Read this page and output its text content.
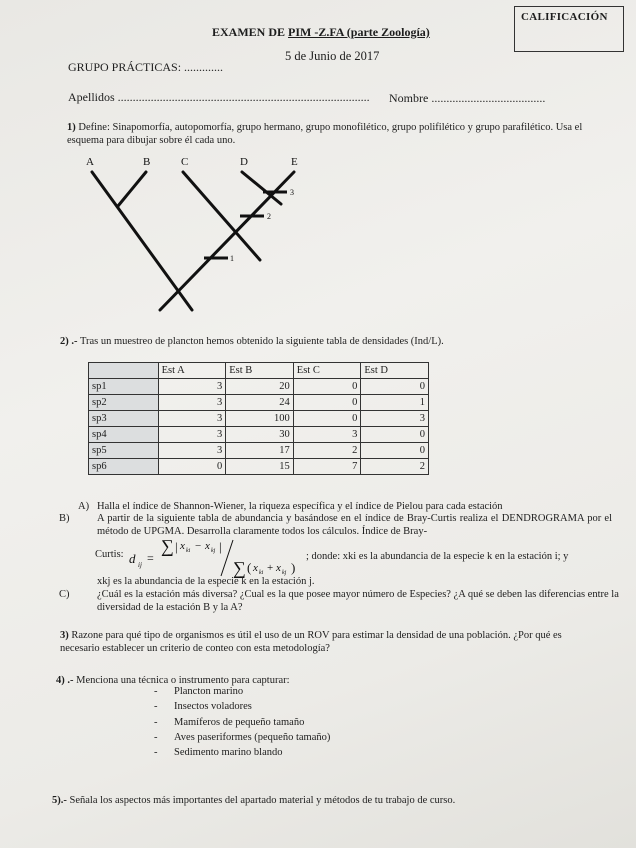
CALIFICACIÓN
EXAMEN DE PIM -Z.FA (parte Zoología)
5 de Junio de 2017
GRUPO PRÁCTICAS: .............
Apellidos .................................................................................... Nombre ......................................
1) Define: Sinapomorfía, autopomorfía, grupo hermano, grupo monofilético, grupo polifilético y grupo parafilético. Usa el esquema para dibujar sobre él cada uno.
A	B	C	D	E
1
2
3
2) .- Tras un muestreo de plancton hemos obtenido la siguiente tabla de densidades (Ind/L).
	Est A	Est B	Est C	Est D
sp1	3	20	0	0
sp2	3	24	0	1
sp3	3	100	0	3
sp4	3	30	3	0
sp5	3	17	2	0
sp6	0	15	7	2
A) Halla el índice de Shannon-Wiener, la riqueza específica y el índice de Pielou para cada estación
B)	A partir de la siguiente tabla de abundancia y basándose en el índice de Bray-Curtis realiza el DENDROGRAMA por el método de UPGMA. Desarrolla claramente todos los cálculos. Índice de Bray-
Curtis: d ij =
∑ | x ki − x kj |
∑ ( x ki + x kj )
; donde: xki es la abundancia de la especie k en la estación i; y
xkj es la abundancia de la especie k en la estación j.
C)	¿Cuál es la estación más diversa? ¿Cual es la que posee mayor número de Especies? ¿A qué se deben las diferencias entre la diversidad de la estación B y la A?
3) Razone para qué tipo de organismos es útil el uso de un ROV para estimar la densidad de una población. ¿Por qué es necesario establecer un criterio de conteo con esta metodología?
4) .- Menciona una técnica o instrumento para capturar:
- Plancton marino
- Insectos voladores
- Mamíferos de pequeño tamaño
- Aves paseriformes (pequeño tamaño)
- Sedimento marino blando
5).- Señala los aspectos más importantes del apartado material y métodos de tu trabajo de curso.
